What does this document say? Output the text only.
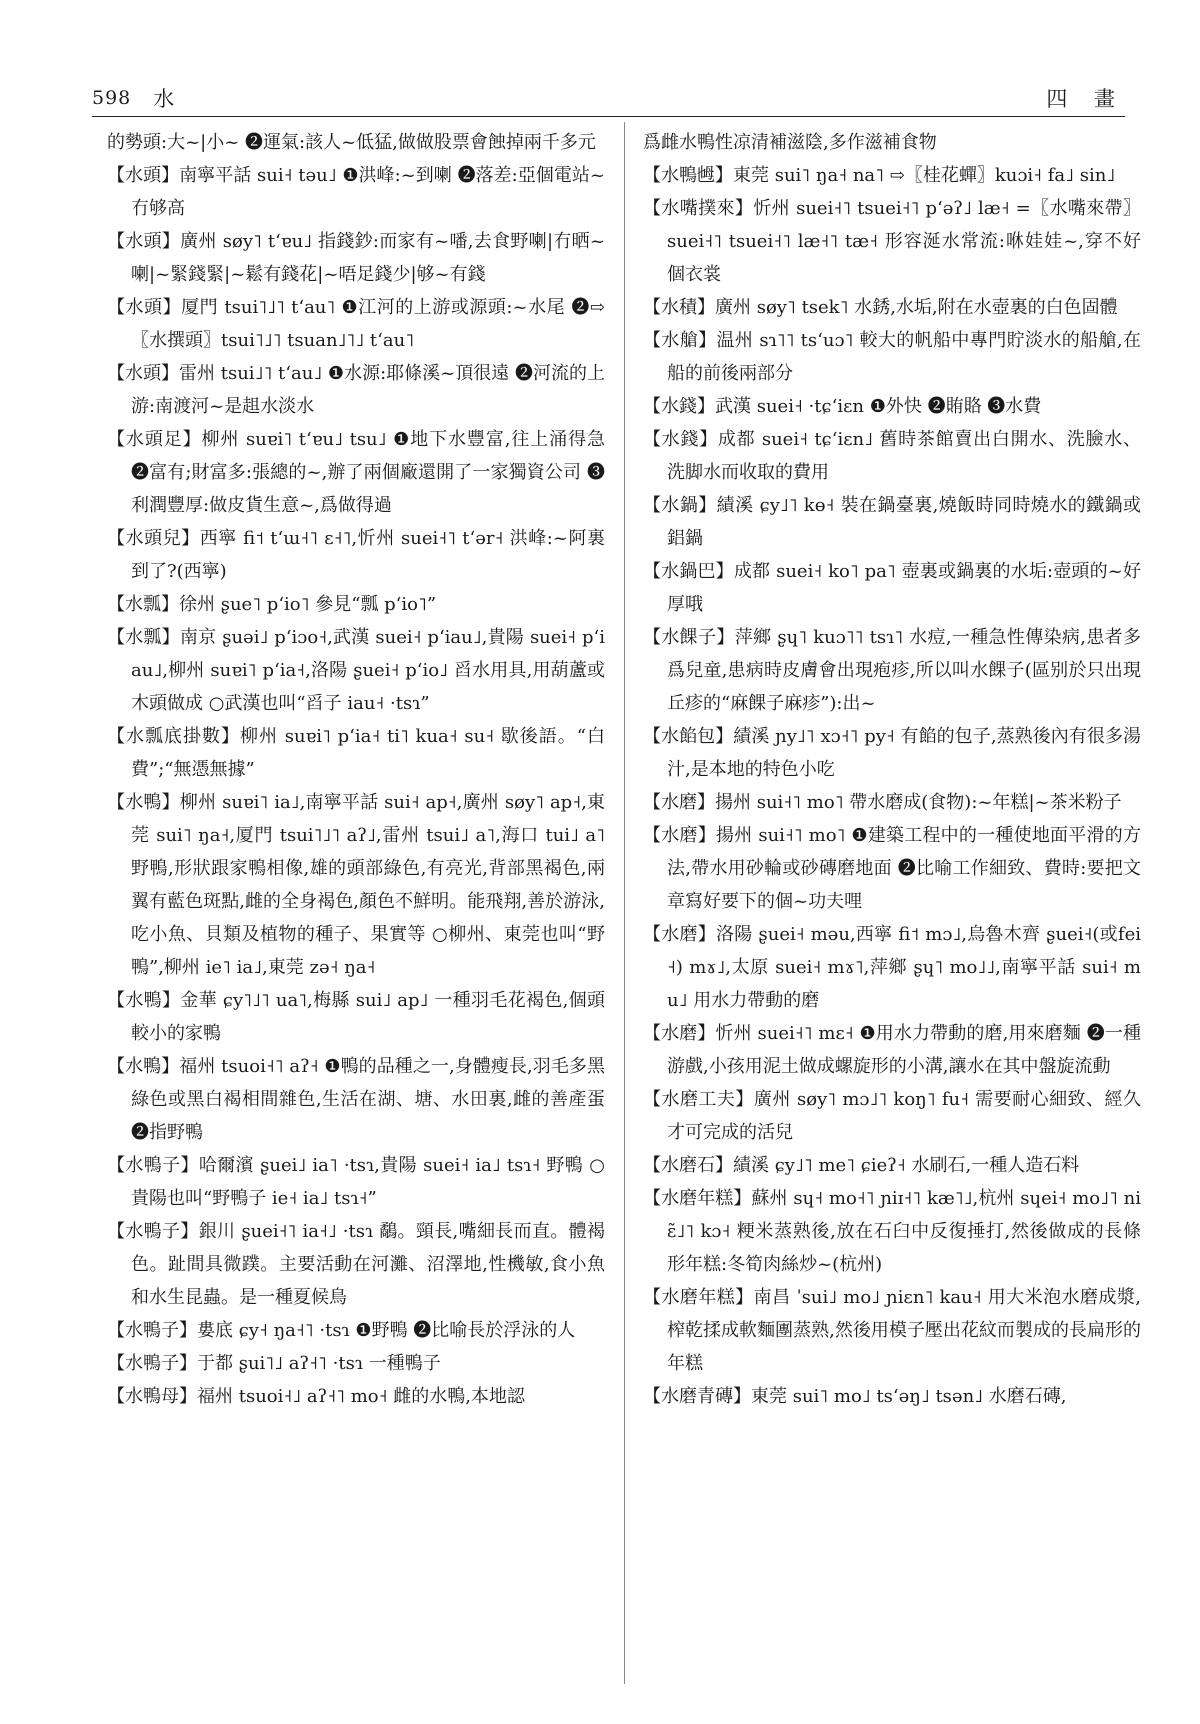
598 水	四 畫
的勢頭:大~|小~ ❷運氣:該人~低猛,做做股票會蝕掉兩千多元
【水頭】南寧平話 sui˧ təu˩ ❶洪峰:~到喇 ❷落差:亞個電站~冇够高
【水頭】廣州 søy˥ tʻɐu˩ 指錢鈔:而家有~噃,去食野喇|冇晒~喇|~緊錢緊|~鬆有錢花|~唔足錢少|够~有錢
【水頭】厦門 tsui˥˩˥ tʻau˥ ❶江河的上游或源頭:~水尾 ❷⇨〖水撰頭〗tsui˥˩˥ tsuan˩˥˩ tʻau˥
【水頭】雷州 tsui˩˥ tʻau˩ ❶水源:耶條溪~頂很遠 ❷河流的上游:南渡河~是趄水淡水
【水頭足】柳州 suɐi˥ tʻɐu˩ tsu˩ ❶地下水豐富,往上涌得急 ❷富有;財富多:張總的~,辦了兩個廠還開了一家獨資公司 ❸利潤豐厚:做皮貨生意~,爲做得過
【水頭兒】西寧 fi˦ tʻɯ˧˥ ɛ˧˥,忻州 suei˧˥ tʻər˧ 洪峰:~阿裏到了?(西寧)
【水瓢】徐州 ʂue˥ pʻio˥ 參見“瓢 pʻio˥”
【水瓢】南京 ʂuəi˩ pʻiɔo˧,武漢 suei˧ pʻiau˩,貴陽 suei˧ pʻiau˩,柳州 suɐi˥ pʻia˧,洛陽 ʂuei˧ pʻio˩ 舀水用具,用葫蘆或木頭做成 ○武漢也叫“舀子 iau˧ ·tsɿ”
【水瓢底掛數】柳州 suɐi˥ pʻia˧ ti˥ kua˧ su˧ 歇後語。“白費”;“無憑無據”
【水鴨】柳州 suɐi˥ ia˩,南寧平話 sui˧ ap˧,廣州 søy˥ ap˧,東莞 sui˥ ŋa˧,厦門 tsui˥˩˥ aʔ˩,雷州 tsui˩ a˥,海口 tui˩ a˥ 野鴨,形狀跟家鴨相像,雄的頭部綠色,有亮光,背部黑褐色,兩翼有藍色斑點,雌的全身褐色,顏色不鮮明。能飛翔,善於游泳,吃小魚、貝類及植物的種子、果實等 ○柳州、東莞也叫“野鴨”,柳州 ie˥ ia˩,東莞 zə˧ ŋa˧
【水鴨】金華 ɕy˥˩˥ ua˥,梅縣 sui˩ ap˩ 一種羽毛花褐色,個頭較小的家鴨
【水鴨】福州 tsuoi˧˥ aʔ˧ ❶鴨的品種之一,身體瘦長,羽毛多黑綠色或黑白褐相間雜色,生活在湖、塘、水田裏,雌的善產蛋 ❷指野鴨
【水鴨子】哈爾濱 ʂuei˩ ia˥ ·tsɿ,貴陽 suei˧ ia˩ tsɿ˧ 野鴨 ○貴陽也叫“野鴨子 ie˧ ia˩ tsɿ˧”
【水鴨子】銀川 ʂuei˧˥ ia˧˩ ·tsɿ 鷸。頸長,嘴細長而直。體褐色。趾間具微蹼。主要活動在河灘、沼澤地,性機敏,食小魚和水生昆蟲。是一種夏候鳥
【水鴨子】婁底 ɕy˧ ŋa˧˥ ·tsɿ ❶野鴨 ❷比喻長於浮泳的人
【水鴨子】于都 ʂui˥˩ aʔ˧˥ ·tsɿ 一種鴨子
【水鴨母】福州 tsuoi˧˩ aʔ˧˥ mo˧ 雌的水鴨,本地認
爲雌水鴨性凉清補滋陰,多作滋補食物
【水鴨乸】東莞 sui˥ ŋa˧ na˥ ⇨〖桂花蟬〗kuɔi˧ fa˩ sin˩
【水嘴撲來】忻州 suei˧˥ tsuei˧˥ pʻəʔ˩ læ˧ =〖水嘴來帶〗suei˧˥ tsuei˧˥ læ˧˥ tæ˧ 形容涎水常流:咻娃娃~,穿不好個衣裳
【水積】廣州 søy˥ tsek˥ 水銹,水垢,附在水壺裏的白色固體
【水艙】温州 sɿ˥˥ tsʻuɔ˥ 較大的帆船中專門貯淡水的船艙,在船的前後兩部分
【水錢】武漢 suei˧ ·tɕʻiɛn ❶外快 ❷賄賂 ❸水費
【水錢】成都 suei˧ tɕʻiɛn˩ 舊時茶館賣出白開水、洗臉水、洗脚水而收取的費用
【水鍋】績溪 ɕy˩˥ kɵ˧ 裝在鍋臺裏,燒飯時同時燒水的鐵鍋或鋁鍋
【水鍋巴】成都 suei˧ ko˥ pa˥ 壺裏或鍋裏的水垢:壺頭的~好厚哦
【水餜子】萍鄉 ʂɥ˥ kuɔ˥˥ tsɿ˥ 水痘,一種急性傳染病,患者多爲兒童,患病時皮膚會出現疱疹,所以叫水餜子(區别於只出現丘疹的“麻餜子麻疹”):出~
【水餡包】績溪 ɲy˩˥ xɔ˧˥ py˧ 有餡的包子,蒸熟後內有很多湯汁,是本地的特色小吃
【水磨】揚州 sui˧˥ mo˥ 帶水磨成(食物):~年糕|~茶米粉子
【水磨】揚州 sui˧˥ mo˥ ❶建築工程中的一種使地面平滑的方法,帶水用砂輪或砂磚磨地面 ❷比喻工作細致、費時:要把文章寫好要下的個~功夫哩
【水磨】洛陽 ʂuei˧ məu,西寧 fi˦ mɔ˩,烏魯木齊 ʂuei˧(或fei˧) mɤ˩,太原 suei˧ mɤ˥,萍鄉 ʂɥ˥ mo˩˩,南寧平話 sui˧ mu˩ 用水力帶動的磨
【水磨】忻州 suei˧˥ mɛ˧ ❶用水力帶動的磨,用來磨麵 ❷一種游戲,小孩用泥土做成螺旋形的小溝,讓水在其中盤旋流動
【水磨工夫】廣州 søy˥ mɔ˩˥ koŋ˥ fu˧ 需要耐心細致、經久才可完成的活兒
【水磨石】績溪 ɕy˩˥ me˥ ɕieʔ˧ 水刷石,一種人造石料
【水磨年糕】蘇州 sɥ˧ mo˧˥ ɲiɪ˧˥ kæ˥˩,杭州 sɥei˧ mo˩˥ ni ɛ̃˩˥ kɔ˧ 粳米蒸熟後,放在石臼中反復捶打,然後做成的長條形年糕:冬筍肉絲炒~(杭州)
【水磨年糕】南昌 ˈsui˩ mo˩ ɲiɛn˥ kau˧ 用大米泡水磨成漿,榨乾揉成軟麵團蒸熟,然後用模子壓出花紋而製成的長扁形的年糕
【水磨青磚】東莞 sui˥ mo˩ tsʻəŋ˩ tsən˩ 水磨石磚,
